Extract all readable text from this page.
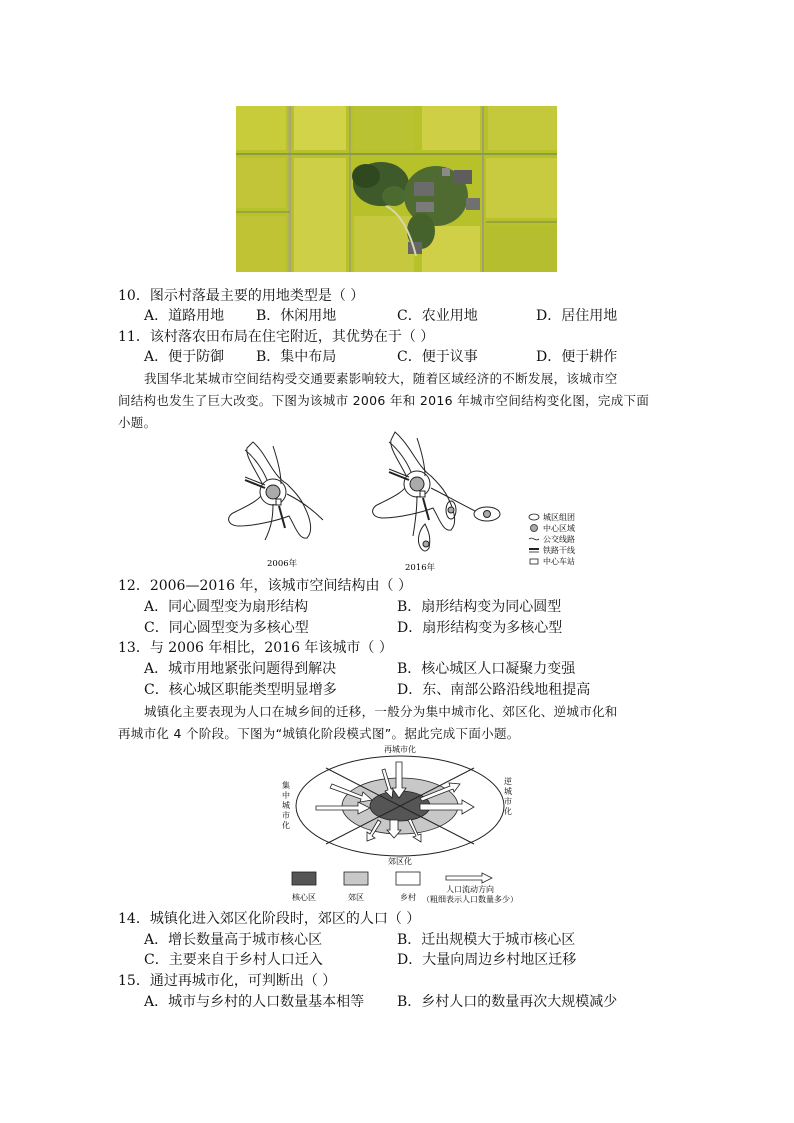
10．图示村落最主要的用地类型是（ ）
A．道路用地 B．休闲用地	C．农业用地	D．居住用地
11．该村落农田布局在住宅附近，其优势在于（ ）
A．便于防御 B．集中布局	C．便于议事	D．便于耕作
我国华北某城市空间结构受交通要素影响较大，随着区域经济的不断发展，该城市空
间结构也发生了巨大改变。下图为该城市 2006 年和 2016 年城市空间结构变化图，完成下面
小题。
2006年	2016年
城区组团
中心区域
公交线路
铁路干线
中心车站
12．2006—2016 年，该城市空间结构由（ ）
A．同心圆型变为扇形结构	B．扇形结构变为同心圆型
C．同心圆型变为多核心型	D．扇形结构变为多核心型
13．与 2006 年相比，2016 年该城市（ ）
A．城市用地紧张问题得到解决	B．核心城区人口凝聚力变强
C．核心城区职能类型明显增多	D．东、南部公路沿线地租提高
城镇化主要表现为人口在城乡间的迁移，一般分为集中城市化、郊区化、逆城市化和
再城市化 4 个阶段。下图为“城镇化阶段模式图”。据此完成下面小题。
再城市化
集
中
城
市
化
逆
城
市
化
郊区化
核心区	郊区	乡村
人口流动方向
（粗细表示人口数量多少）
14．城镇化进入郊区化阶段时，郊区的人口（ ）
A．增长数量高于城市核心区	B．迁出规模大于城市核心区
C．主要来自于乡村人口迁入	D．大量向周边乡村地区迁移
15．通过再城市化，可判断出（ ）
A．城市与乡村的人口数量基本相等 B．乡村人口的数量再次大规模减少
